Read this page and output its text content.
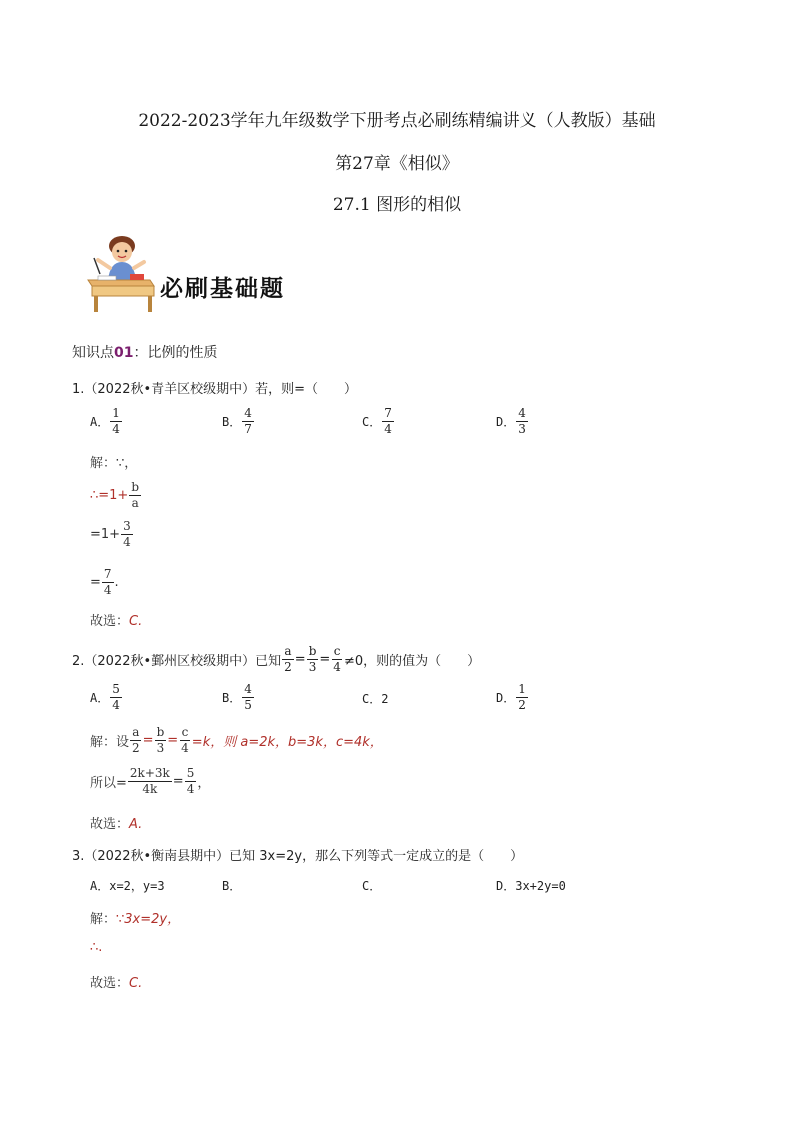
2022-2023学年九年级数学下册考点必刷练精编讲义（人教版）基础
第27章《相似》
27.1 图形的相似
必刷基础题
知识点01：比例的性质
1.（2022秋•青羊区校级期中）若，则=（　　）
A． $\frac{1}{4}$	B． $\frac{4}{7}$	C． $\frac{7}{4}$	D． $\frac{4}{3}$
解：∵，
∴=1+ $\frac{b}{a}$
$=1+ \frac{3}{4}$
= $\frac{7}{4}$ .
故选：C.
2.（2022秋•鄞州区校级期中）已知 $\frac{a}{2} = \frac{b}{3} = \frac{c}{4} \ne 0$，则的值为（　　）
A． $\frac{5}{4}$	B． $\frac{4}{5}$	C． 2	D． $\frac{1}{2}$
解：设 $\frac{a}{2} = \frac{b}{3} = \frac{c}{4} =k$，则 a=2k，b=3k，c=4k，
所以= $\frac{2k+3k}{4k} = \frac{5}{4}$ ，
故选：A.
3.（2022秋•衡南县期中）已知 3x=2y，那么下列等式一定成立的是（　　）
A．x=2，y=3	B．	C．	D．3x+2y=0
解：∵3x=2y，
∴.
故选：C.
